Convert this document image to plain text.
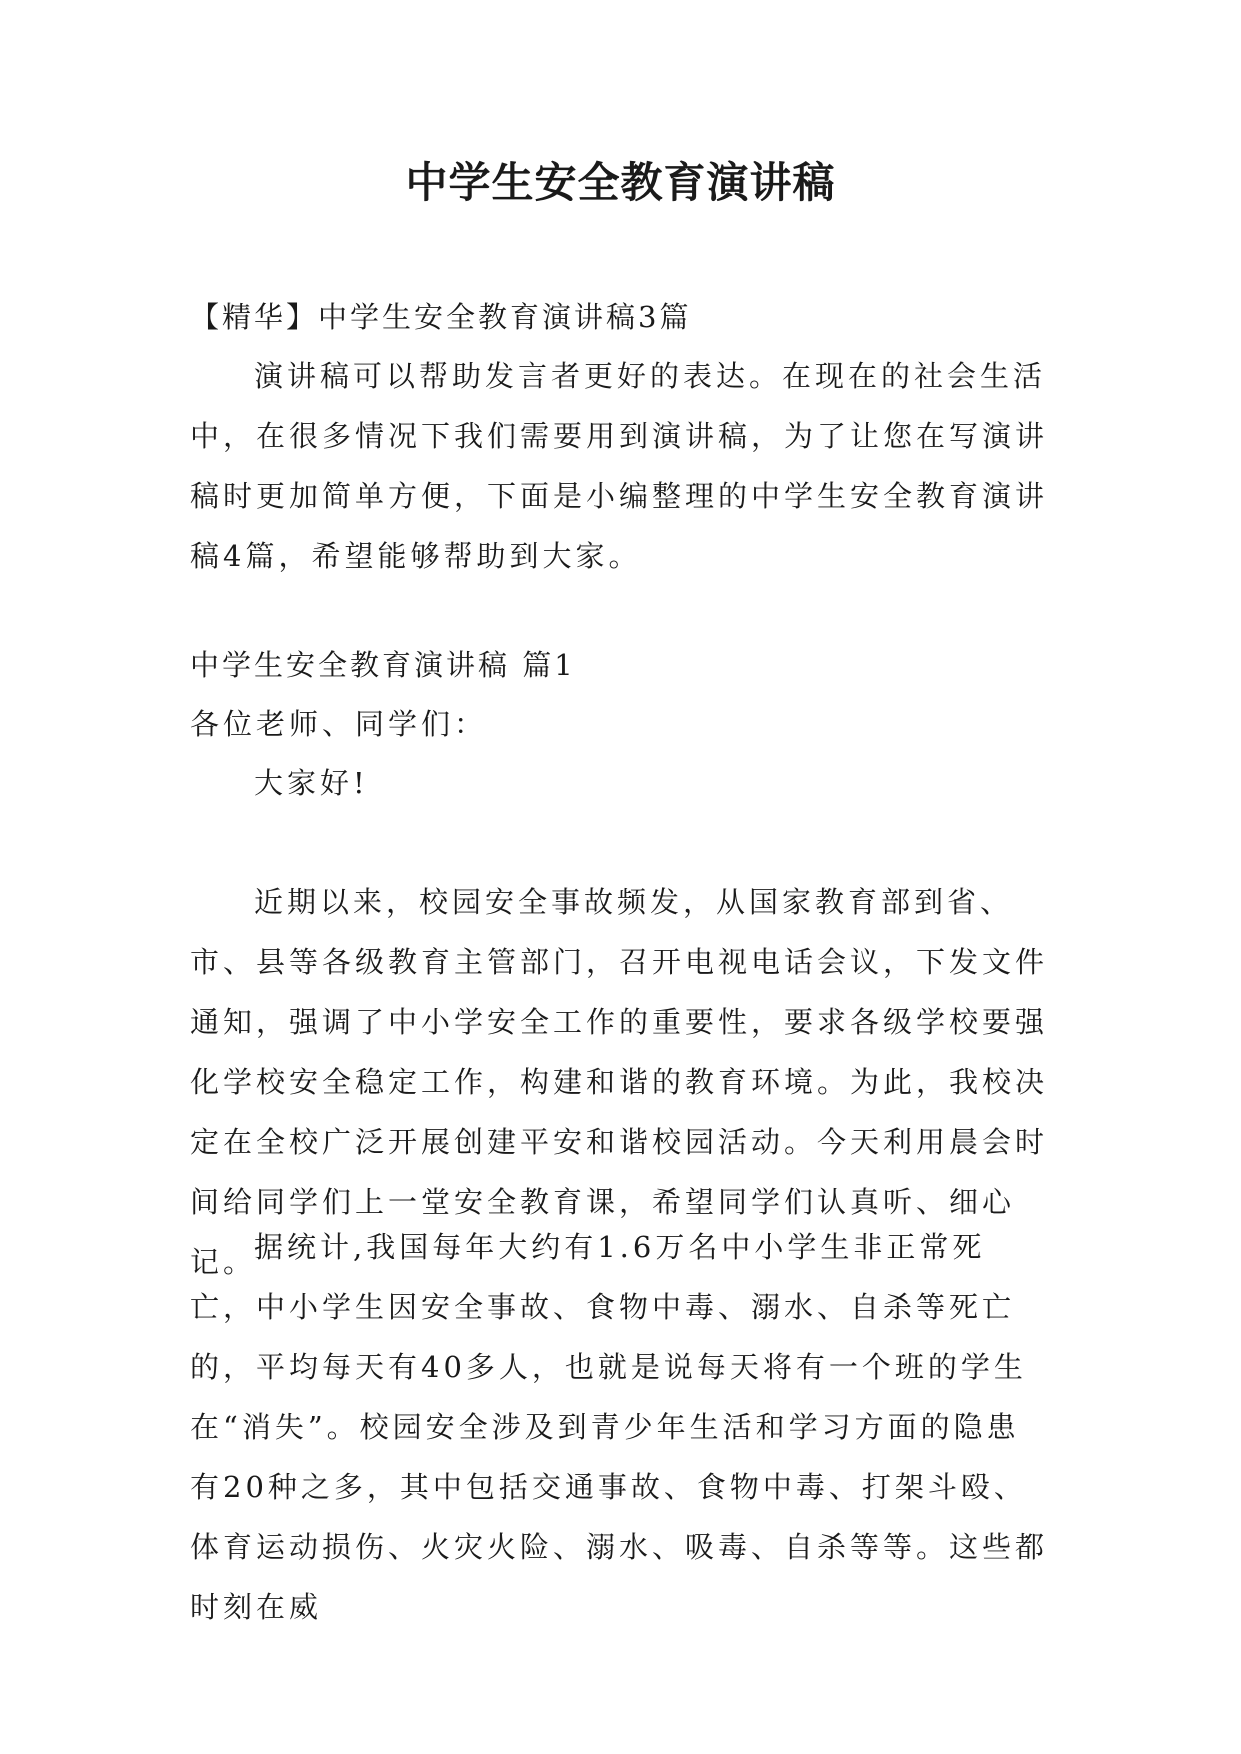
中学生安全教育演讲稿

【精华】中学生安全教育演讲稿3篇

演讲稿可以帮助发言者更好的表达。在现在的社会生活中，在很多情况下我们需要用到演讲稿，为了让您在写演讲稿时更加简单方便，下面是小编整理的中学生安全教育演讲稿4篇，希望能够帮助到大家。

中学生安全教育演讲稿 篇1

各位老师、同学们：

大家好!

近期以来，校园安全事故频发，从国家教育部到省、市、县等各级教育主管部门，召开电视电话会议，下发文件通知，强调了中小学安全工作的重要性，要求各级学校要强化学校安全稳定工作，构建和谐的教育环境。为此，我校决定在全校广泛开展创建平安和谐校园活动。今天利用晨会时间给同学们上一堂安全教育课，希望同学们认真听、细心记。

据统计,我国每年大约有1.6万名中小学生非正常死亡，中小学生因安全事故、食物中毒、溺水、自杀等死亡的，平均每天有40多人，也就是说每天将有一个班的学生在“消失”。校园安全涉及到青少年生活和学习方面的隐患有20种之多，其中包括交通事故、食物中毒、打架斗殴、体育运动损伤、火灾火险、溺水、吸毒、自杀等等。这些都时刻在威
